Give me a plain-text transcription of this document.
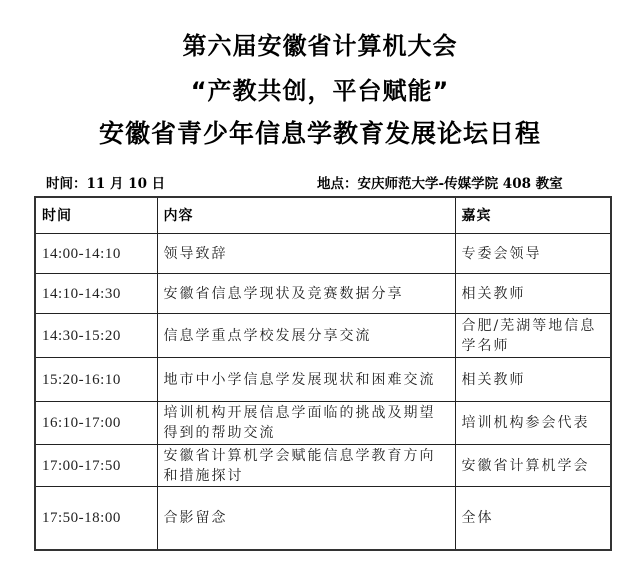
第六届安徽省计算机大会
“产教共创，平台赋能”
安徽省青少年信息学教育发展论坛日程
时间：11 月 10 日	地点：安庆师范大学-传媒学院 408 教室
时间	内容	嘉宾
14:00-14:10	领导致辞	专委会领导
14:10-14:30	安徽省信息学现状及竞赛数据分享	相关教师
14:30-15:20	信息学重点学校发展分享交流	合肥/芜湖等地信息学名师
15:20-16:10	地市中小学信息学发展现状和困难交流	相关教师
16:10-17:00	培训机构开展信息学面临的挑战及期望得到的帮助交流	培训机构参会代表
17:00-17:50	安徽省计算机学会赋能信息学教育方向和措施探讨	安徽省计算机学会
17:50-18:00	合影留念	全体
